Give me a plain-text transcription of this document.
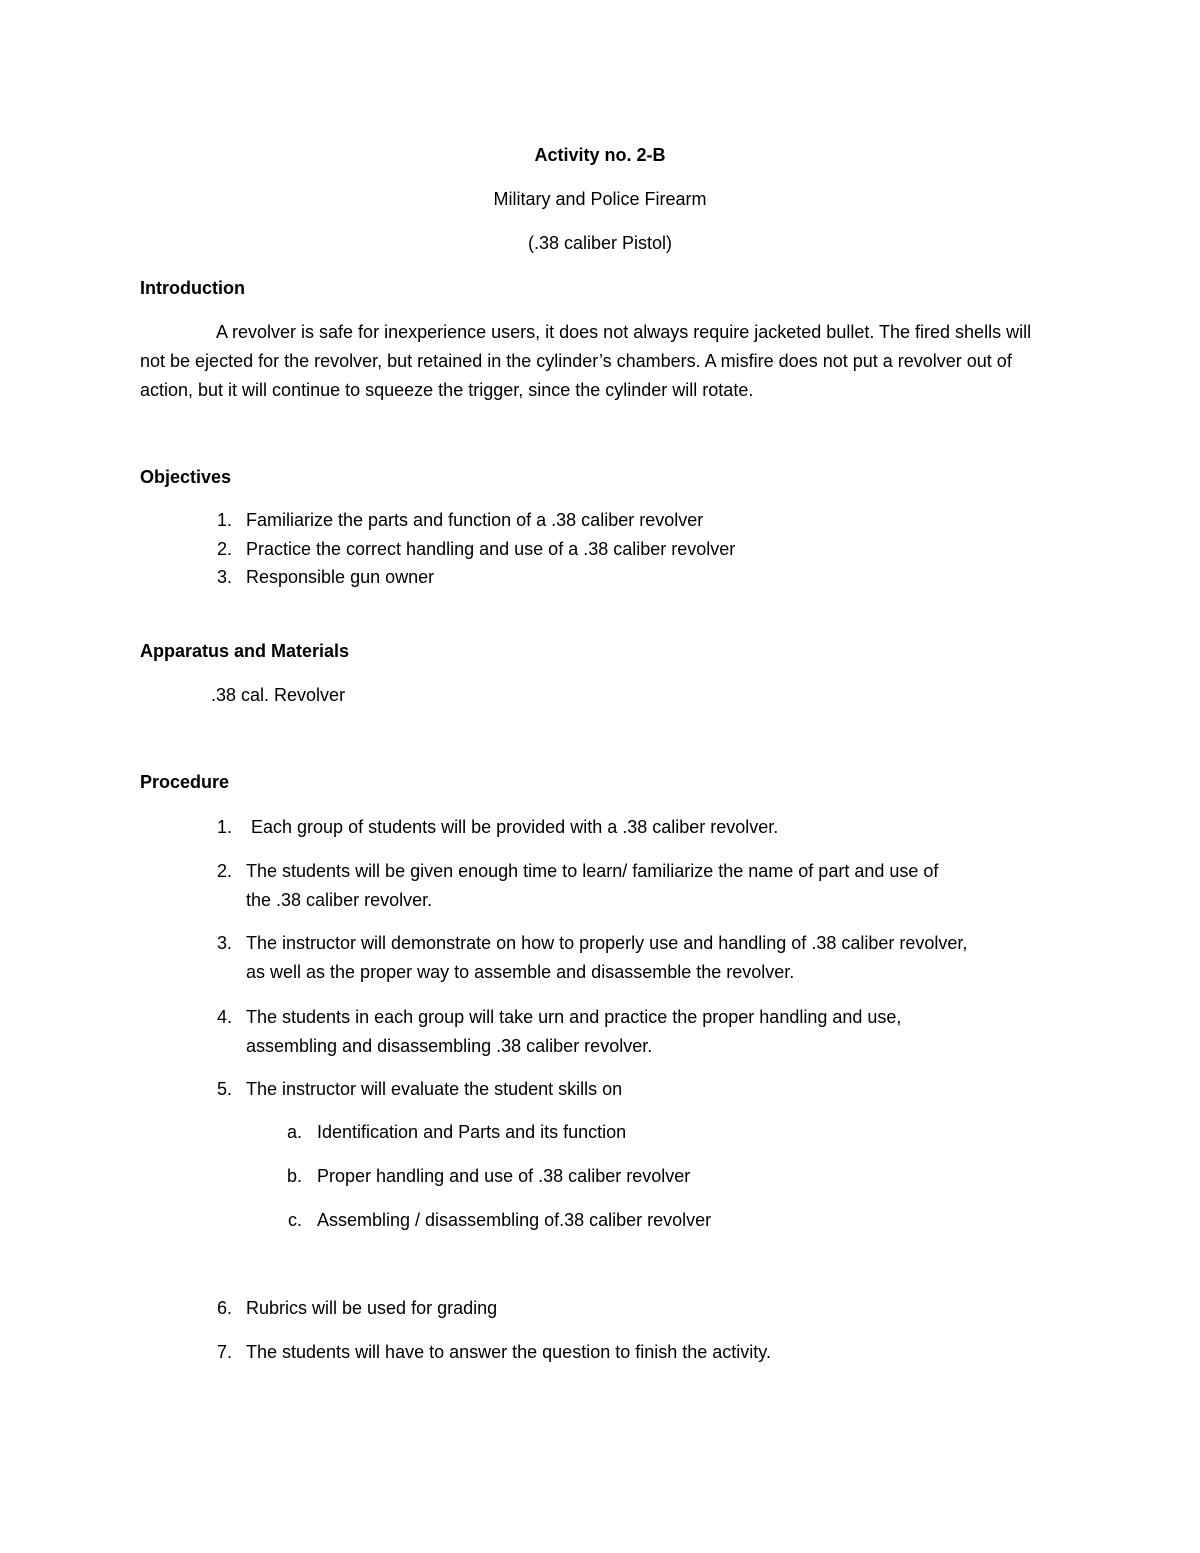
Activity no. 2-B
Military and Police Firearm
(.38 caliber Pistol)
Introduction
A revolver is safe for inexperience users, it does not always require jacketed bullet. The fired shells will not be ejected for the revolver, but retained in the cylinder’s chambers. A misfire does not put a revolver out of action, but it will continue to squeeze the trigger, since the cylinder will rotate.
Objectives
1. Familiarize the parts and function of a .38 caliber revolver
2. Practice the correct handling and use of a .38 caliber revolver
3. Responsible gun owner
Apparatus and Materials
.38 cal. Revolver
Procedure
1. Each group of students will be provided with a .38 caliber revolver.
2. The students will be given enough time to learn/ familiarize the name of part and use of
the .38 caliber revolver.
3. The instructor will demonstrate on how to properly use and handling of .38 caliber revolver,
as well as the proper way to assemble and disassemble the revolver.
4. The students in each group will take urn and practice the proper handling and use,
assembling and disassembling .38 caliber revolver.
5. The instructor will evaluate the student skills on
a. Identification and Parts and its function
b. Proper handling and use of .38 caliber revolver
c. Assembling / disassembling of.38 caliber revolver
6. Rubrics will be used for grading
7. The students will have to answer the question to finish the activity.
